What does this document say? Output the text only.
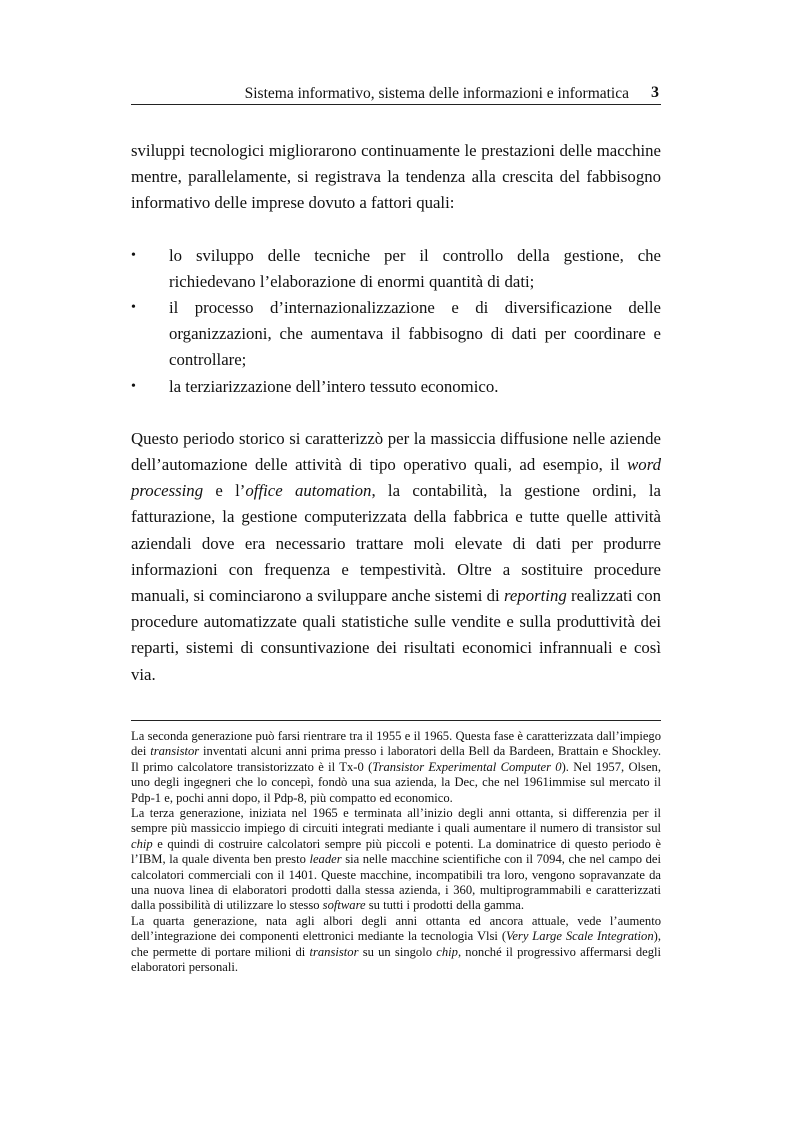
Sistema informativo, sistema delle informazioni e informatica 3

sviluppi tecnologici migliorarono continuamente le prestazioni delle macchine mentre, parallelamente, si registrava la tendenza alla crescita del fabbisogno informativo delle imprese dovuto a fattori quali:

• lo sviluppo delle tecniche per il controllo della gestione, che richiedevano l’elaborazione di enormi quantità di dati;
• il processo d’internazionalizzazione e di diversificazione delle organizzazioni, che aumentava il fabbisogno di dati per coordinare e controllare;
• la terziarizzazione dell’intero tessuto economico.

Questo periodo storico si caratterizzò per la massiccia diffusione nelle aziende dell’automazione delle attività di tipo operativo quali, ad esempio, il word processing e l’office automation, la contabilità, la gestione ordini, la fatturazione, la gestione computerizzata della fabbrica e tutte quelle attività aziendali dove era necessario trattare moli elevate di dati per produrre informazioni con frequenza e tempestività. Oltre a sostituire procedure manuali, si cominciarono a sviluppare anche sistemi di reporting realizzati con procedure automatizzate quali statistiche sulle vendite e sulla produttività dei reparti, sistemi di consuntivazione dei risultati economici infrannuali e così via.

La seconda generazione può farsi rientrare tra il 1955 e il 1965. Questa fase è caratterizzata dall’impiego dei transistor inventati alcuni anni prima presso i laboratori della Bell da Bardeen, Brattain e Shockley. Il primo calcolatore transistorizzato è il Tx-0 (Transistor Experimental Computer 0). Nel 1957, Olsen, uno degli ingegneri che lo concepì, fondò una sua azienda, la Dec, che nel 1961immise sul mercato il Pdp-1 e, pochi anni dopo, il Pdp-8, più compatto ed economico.

La terza generazione, iniziata nel 1965 e terminata all’inizio degli anni ottanta, si differenzia per il sempre più massiccio impiego di circuiti integrati mediante i quali aumentare il numero di transistor sul chip e quindi di costruire calcolatori sempre più piccoli e potenti. La dominatrice di questo periodo è l’IBM, la quale diventa ben presto leader sia nelle macchine scientifiche con il 7094, che nel campo dei calcolatori commerciali con il 1401. Queste macchine, incompatibili tra loro, vengono sopravanzate da una nuova linea di elaboratori prodotti dalla stessa azienda, i 360, multiprogrammabili e caratterizzati dalla possibilità di utilizzare lo stesso software su tutti i prodotti della gamma.

La quarta generazione, nata agli albori degli anni ottanta ed ancora attuale, vede l’aumento dell’integrazione dei componenti elettronici mediante la tecnologia Vlsi (Very Large Scale Integration), che permette di portare milioni di transistor su un singolo chip, nonché il progressivo affermarsi degli elaboratori personali.
